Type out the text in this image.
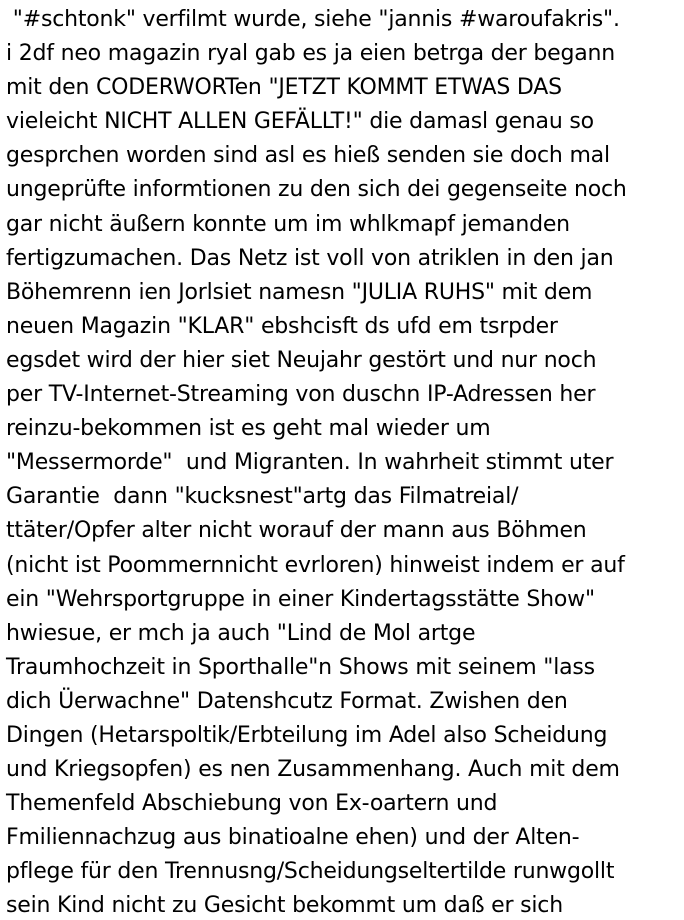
"#schtonk" verfilmt wurde, siehe "jannis #waroufakris".
i 2df neo magazin ryal gab es ja eien betrga der begann
mit den CODERWORTen "JETZT KOMMT ETWAS DAS
vieleicht NICHT ALLEN GEFÄLLT!" die damasl genau so
gesprchen worden sind asl es hieß senden sie doch mal
ungeprüfte informtionen zu den sich dei gegenseite noch
gar nicht äußern konnte um im whlkmapf jemanden
fertigzumachen. Das Netz ist voll von atriklen in den jan
Böhemrenn ien Jorlsiet namesn "JULIA RUHS" mit dem
neuen Magazin "KLAR" ebshcisft ds ufd em tsrpder
egsdet wird der hier siet Neujahr gestört und nur noch
per TV-Internet-Streaming von duschn IP-Adressen her
reinzu-bekommen ist es geht mal wieder um
"Messermorde"  und Migranten. In wahrheit stimmt uter
Garantie  dann "kucksnest"artg das Filmatreial/
ttäter/Opfer alter nicht worauf der mann aus Böhmen
(nicht ist Poommernnicht evrloren) hinweist indem er auf
ein "Wehrsportgruppe in einer Kindertagsstätte Show"
hwiesue, er mch ja auch "Lind de Mol artge
Traumhochzeit in Sporthalle"n Shows mit seinem "lass
dich Üerwachne" Datenshcutz Format. Zwishen den
Dingen (Hetarspoltik/Erbteilung im Adel also Scheidung
und Kriegsopfen) es nen Zusammenhang. Auch mit dem
Themenfeld Abschiebung von Ex-oartern und
Fmiliennachzug aus binatioalne ehen) und der Alten-
pflege für den Trennusng/Scheidungseltertilde runwgollt
sein Kind nicht zu Gesicht bekommt um daß er sich
